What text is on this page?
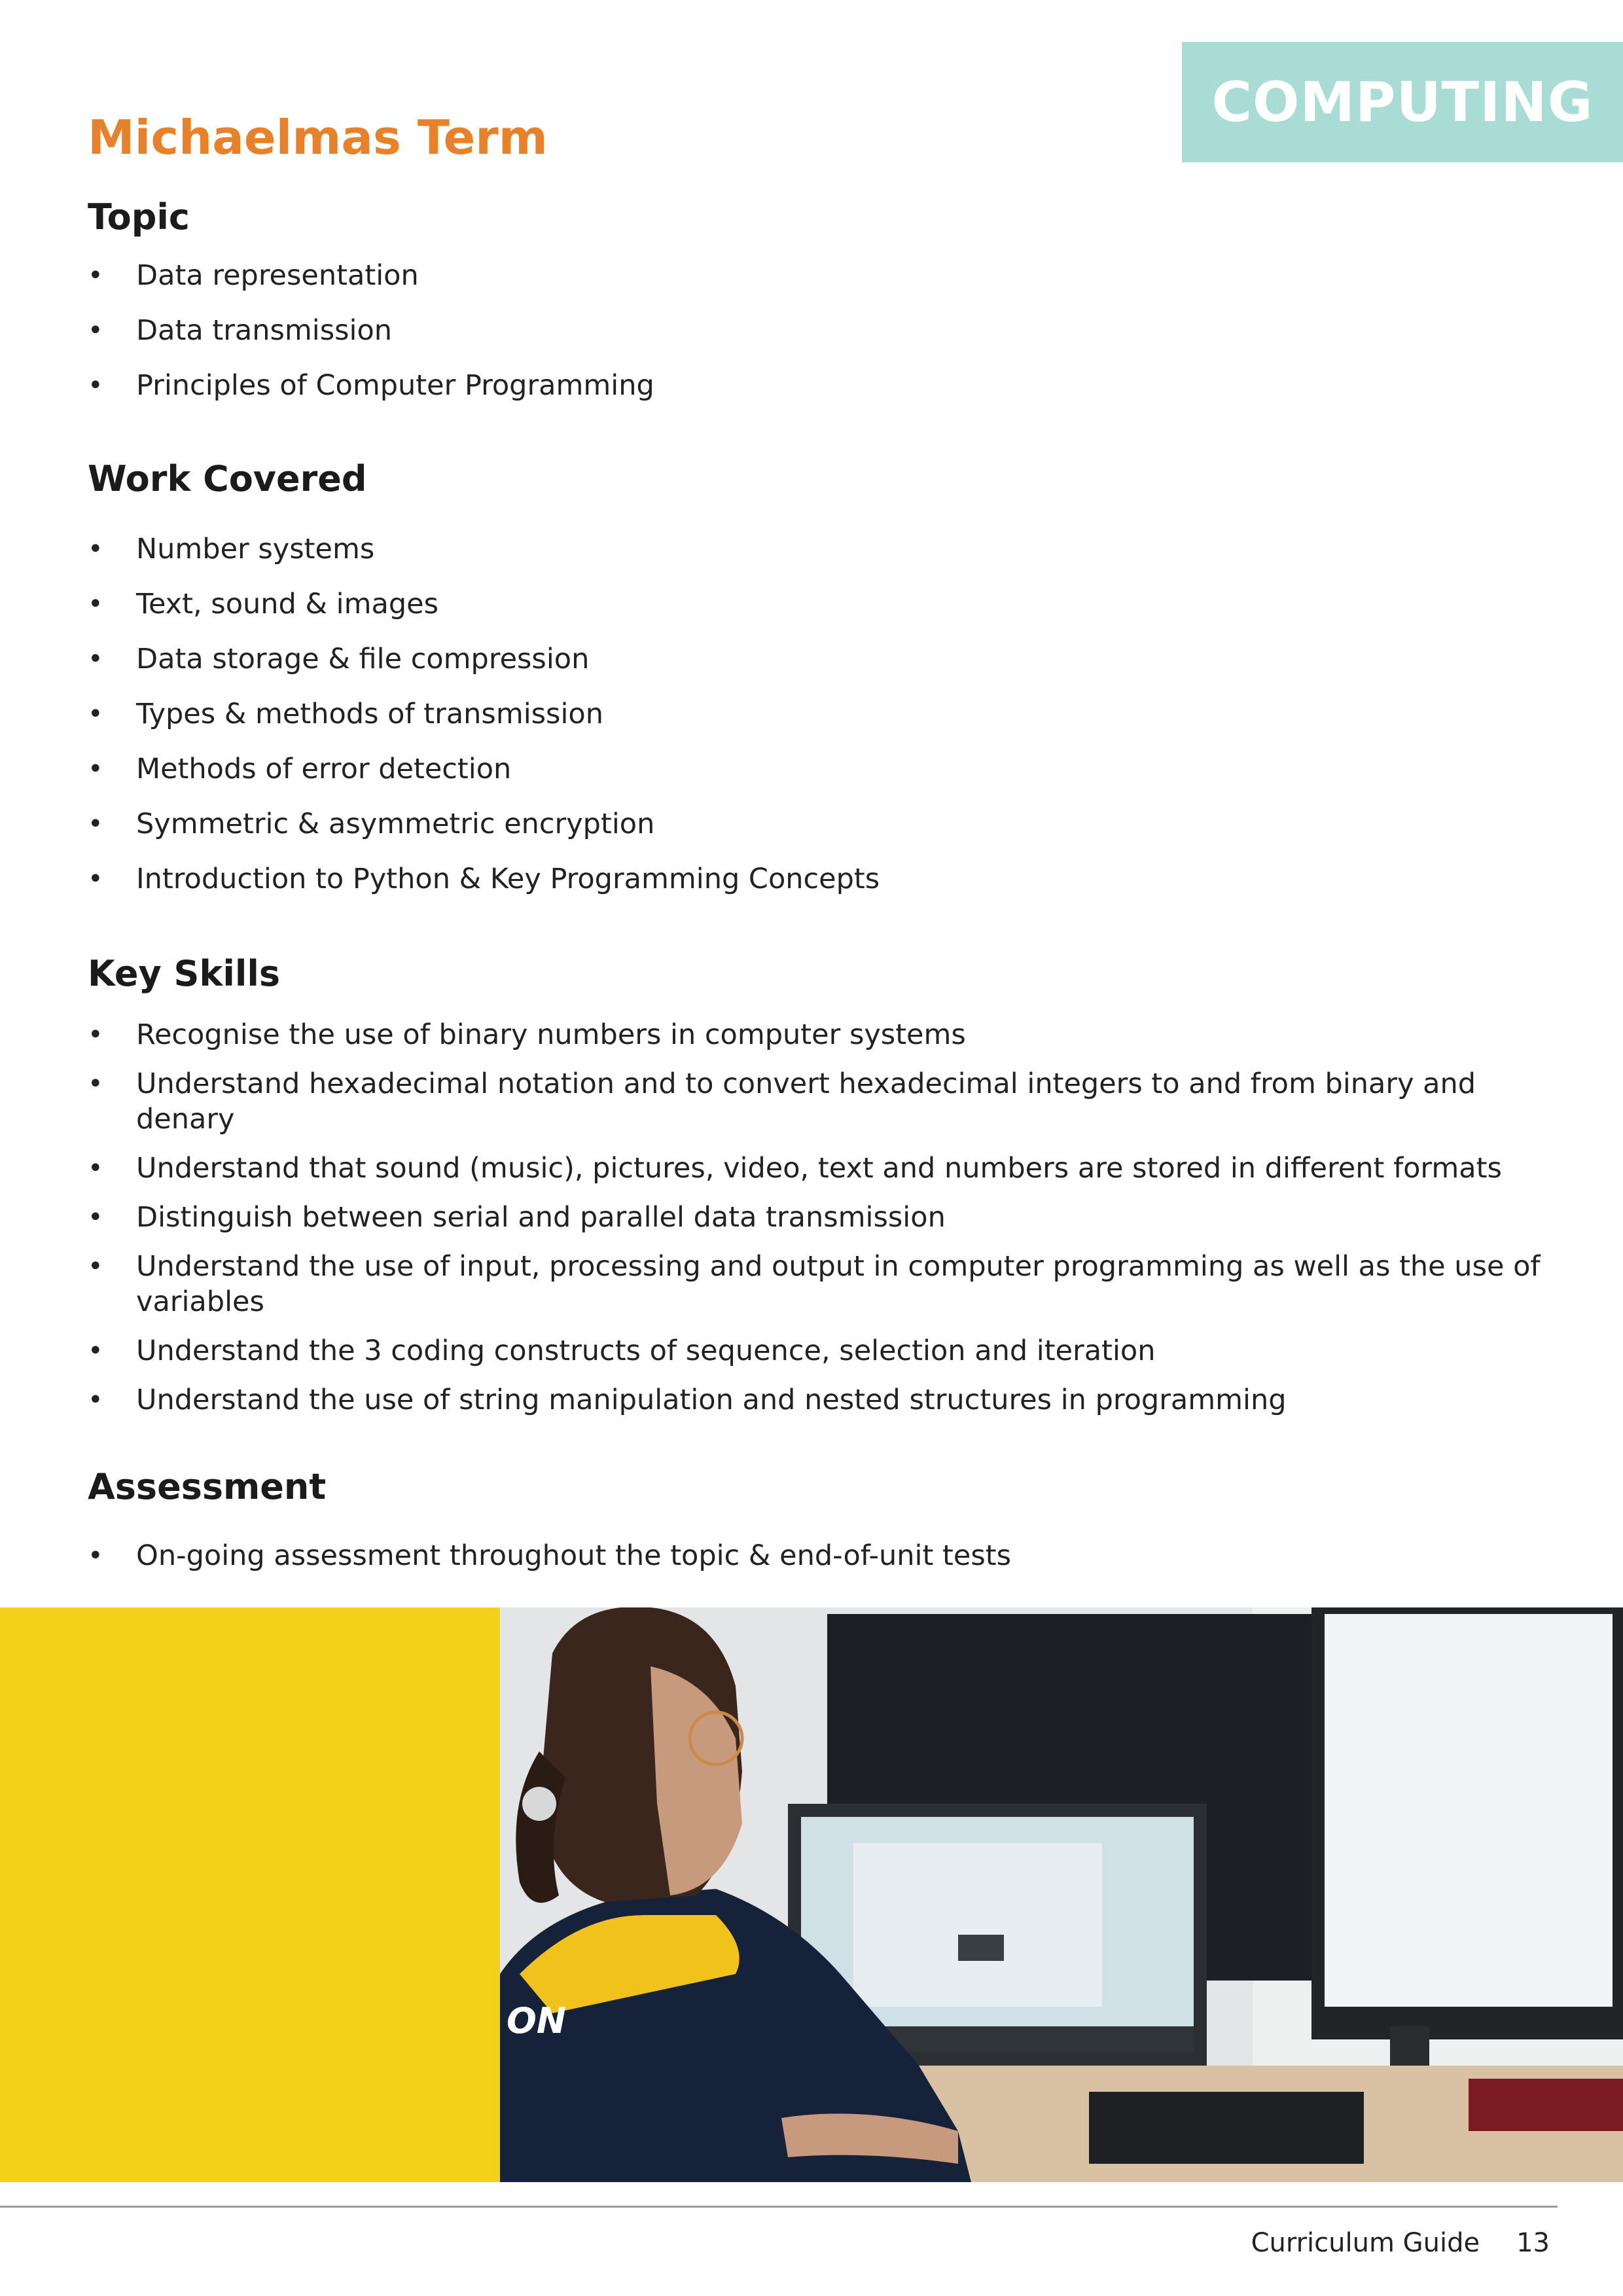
COMPUTING
Michaelmas Term
Topic
• Data representation
• Data transmission
• Principles of Computer Programming
Work Covered
• Number systems
• Text, sound & images
• Data storage & file compression
• Types & methods of transmission
• Methods of error detection
• Symmetric & asymmetric encryption
• Introduction to Python & Key Programming Concepts
Key Skills
• Recognise the use of binary numbers in computer systems
• Understand hexadecimal notation and to convert hexadecimal integers to and from binary and denary
• Understand that sound (music), pictures, video, text and numbers are stored in different formats
• Distinguish between serial and parallel data transmission
• Understand the use of input, processing and output in computer programming as well as the use of variables
• Understand the 3 coding constructs of sequence, selection and iteration
• Understand the use of string manipulation and nested structures in programming
Assessment
• On-going assessment throughout the topic & end-of-unit tests
ON
Curriculum Guide 13
